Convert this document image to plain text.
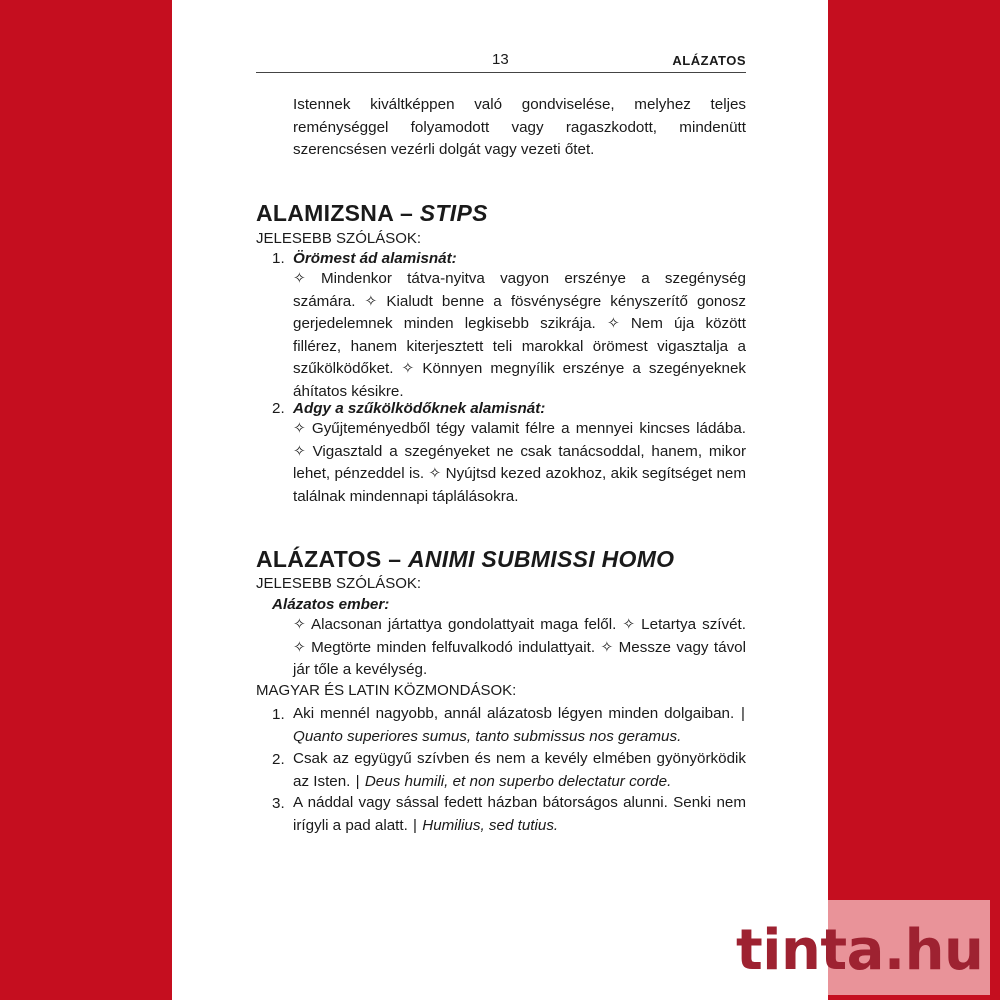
13	ALÁZATOS
Istennek kiváltképpen való gondviselése, melyhez teljes reménységgel folyamodott vagy ragaszkodott, mindenütt szerencsésen vezérli dolgát vagy vezeti őtet.
ALAMIZSNA – STIPS
JELESEBB SZÓLÁSOK:
1. Örömest ád alamisnát:
✧ Mindenkor tátva-nyitva vagyon erszénye a szegénység számára. ✧ Kialudt benne a fösvénységre kényszerítő gonosz gerjedelemnek minden legkisebb szikrája. ✧ Nem úja között fillérez, hanem kiterjesztett teli marokkal örömest vigasztalja a szűkölködőket. ✧ Könnyen megnyílik erszénye a szegényeknek áhítatos késikre.
2. Adgy a szűkölködőknek alamisnát:
✧ Gyűjteményedből tégy valamit félre a mennyei kincses ládába. ✧ Vigasztald a szegényeket ne csak tanácsoddal, hanem, mikor lehet, pénzeddel is. ✧ Nyújtsd kezed azokhoz, akik segítséget nem találnak mindennapi táplálásokra.
ALÁZATOS – ANIMI SUBMISSI HOMO
JELESEBB SZÓLÁSOK:
Alázatos ember:
✧ Alacsonan jártattya gondolattyait maga felől. ✧ Letartya szívét. ✧ Megtörte minden felfuvalkodó indulattyait. ✧ Messze vagy távol jár tőle a kevélység.
MAGYAR ÉS LATIN KÖZMONDÁSOK:
1. Aki mennél nagyobb, annál alázatosb légyen minden dolgaiban. | Quanto superiores sumus, tanto submissus nos geramus.
2. Csak az együgyű szívben és nem a kevély elmében gyönyörködik az Isten. | Deus humili, et non superbo delectatur corde.
3. A náddal vagy sással fedett házban bátorságos alunni. Senki nem irígyli a pad alatt. | Humilius, sed tutius.
tinta.hu
